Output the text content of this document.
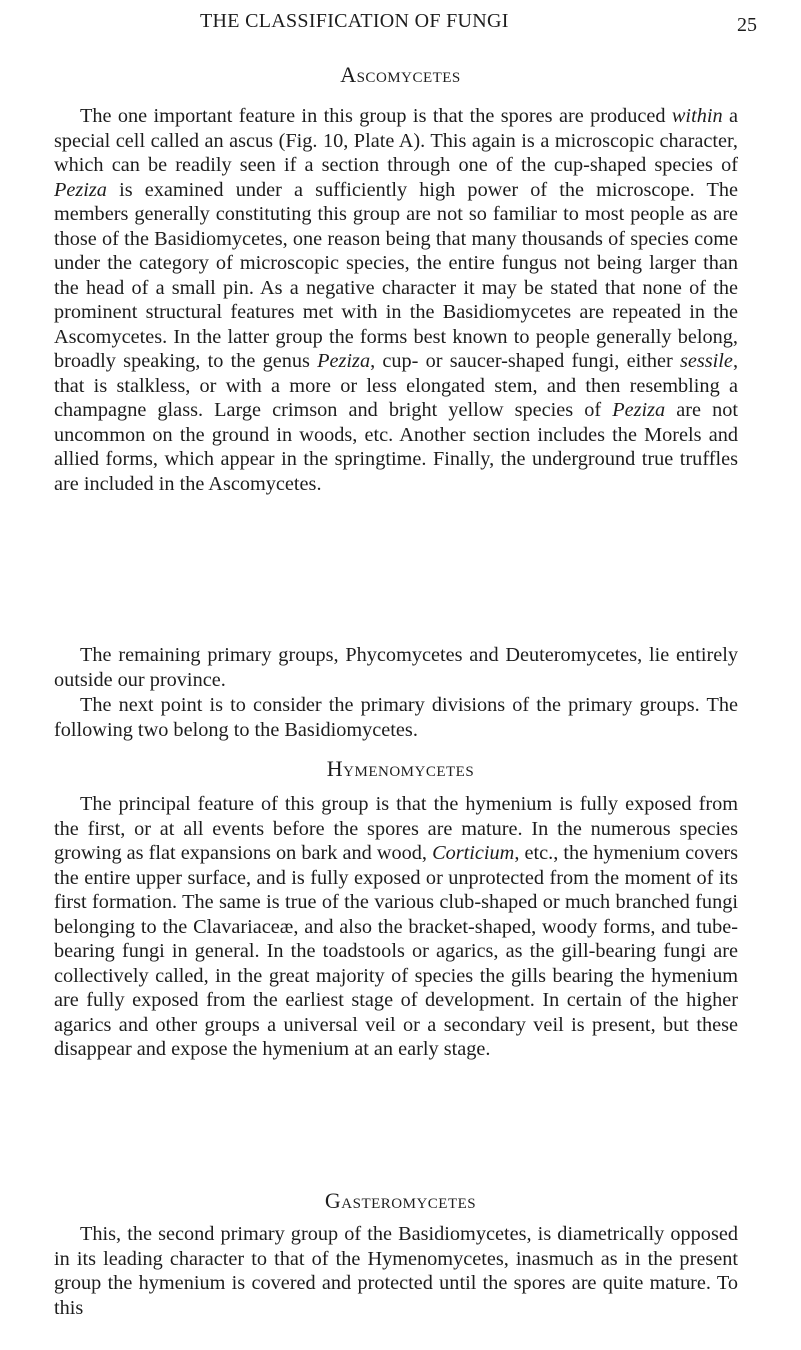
THE CLASSIFICATION OF FUNGI	25
Ascomycetes

The one important feature in this group is that the spores are produced within a special cell called an ascus (Fig. 10, Plate A). This again is a microscopic character, which can be readily seen if a section through one of the cup-shaped species of Peziza is examined under a sufficiently high power of the microscope. The members generally constituting this group are not so familiar to most people as are those of the Basidiomycetes, one reason being that many thousands of species come under the category of microscopic species, the entire fungus not being larger than the head of a small pin. As a negative character it may be stated that none of the prominent structural features met with in the Basidiomycetes are repeated in the Ascomycetes. In the latter group the forms best known to people generally belong, broadly speaking, to the genus Peziza, cup- or saucer-shaped fungi, either sessile, that is stalkless, or with a more or less elongated stem, and then resembling a champagne glass. Large crimson and bright yellow species of Peziza are not uncommon on the ground in woods, etc. Another section includes the Morels and allied forms, which appear in the springtime. Finally, the underground true truffles are included in the Ascomycetes.

The remaining primary groups, Phycomycetes and Deuteromycetes, lie entirely outside our province.

The next point is to consider the primary divisions of the primary groups. The following two belong to the Basidiomycetes.

Hymenomycetes

The principal feature of this group is that the hymenium is fully exposed from the first, or at all events before the spores are mature. In the numerous species growing as flat expansions on bark and wood, Corticium, etc., the hymenium covers the entire upper surface, and is fully exposed or unprotected from the moment of its first formation. The same is true of the various club-shaped or much branched fungi belonging to the Clavariaceæ, and also the bracket-shaped, woody forms, and tube-bearing fungi in general. In the toadstools or agarics, as the gill-bearing fungi are collectively called, in the great majority of species the gills bearing the hymenium are fully exposed from the earliest stage of development. In certain of the higher agarics and other groups a universal veil or a secondary veil is present, but these disappear and expose the hymenium at an early stage.

Gasteromycetes

This, the second primary group of the Basidiomycetes, is diametrically opposed in its leading character to that of the Hymenomycetes, inasmuch as in the present group the hymenium is covered and protected until the spores are quite mature. To this
